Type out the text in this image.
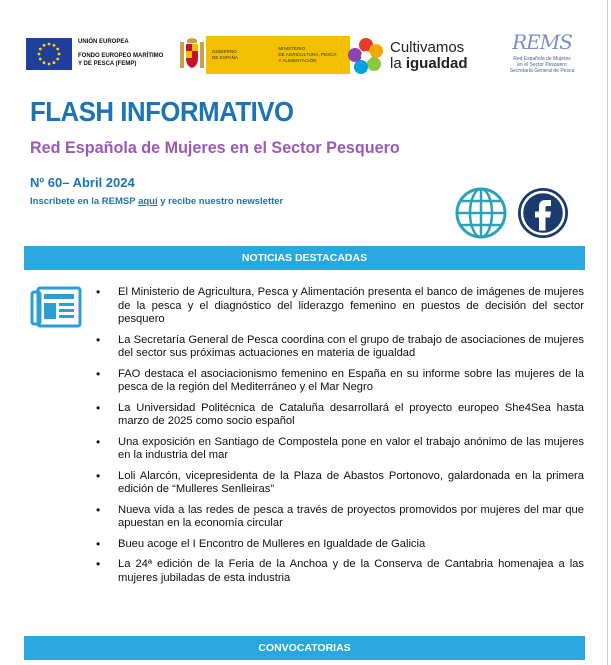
UNIÓN EUROPEA
FONDO EUROPEO MARÍTIMO
Y DE PESCA (FEMP)
GOBIERNO
DE ESPAÑA
MINISTERIO
DE AGRICULTURA, PESCA
Y ALIMENTACIÓN
Cultivamos
la igualdad
REMS
Red Española de Mujeres
en el Sector Pesquero
Secretaría General de Pesca
FLASH INFORMATIVO
Red Española de Mujeres en el Sector Pesquero
Nº 60– Abril 2024
Inscríbete en la REMSP aquí y recibe nuestro newsletter
NOTICIAS DESTACADAS
• El Ministerio de Agricultura, Pesca y Alimentación presenta el banco de imágenes de mujeres de la pesca y el diagnóstico del liderazgo femenino en puestos de decisión del sector pesquero
• La Secretaría General de Pesca coordina con el grupo de trabajo de asociaciones de mujeres del sector sus próximas actuaciones en materia de igualdad
• FAO destaca el asociacionismo femenino en España en su informe sobre las mujeres de la pesca de la región del Mediterráneo y el Mar Negro
• La Universidad Politécnica de Cataluña desarrollará el proyecto europeo She4Sea hasta marzo de 2025 como socio español
• Una exposición en Santiago de Compostela pone en valor el trabajo anónimo de las mujeres en la industria del mar
• Loli Alarcón, vicepresidenta de la Plaza de Abastos Portonovo, galardonada en la primera edición de “Mulleres Senlleiras”
• Nueva vida a las redes de pesca a través de proyectos promovidos por mujeres del mar que apuestan en la economía circular
• Bueu acoge el I Encontro de Mulleres en Igualdade de Galicia
• La 24ª edición de la Feria de la Anchoa y de la Conserva de Cantabria homenajea a las mujeres jubiladas de esta industria
CONVOCATORIAS
